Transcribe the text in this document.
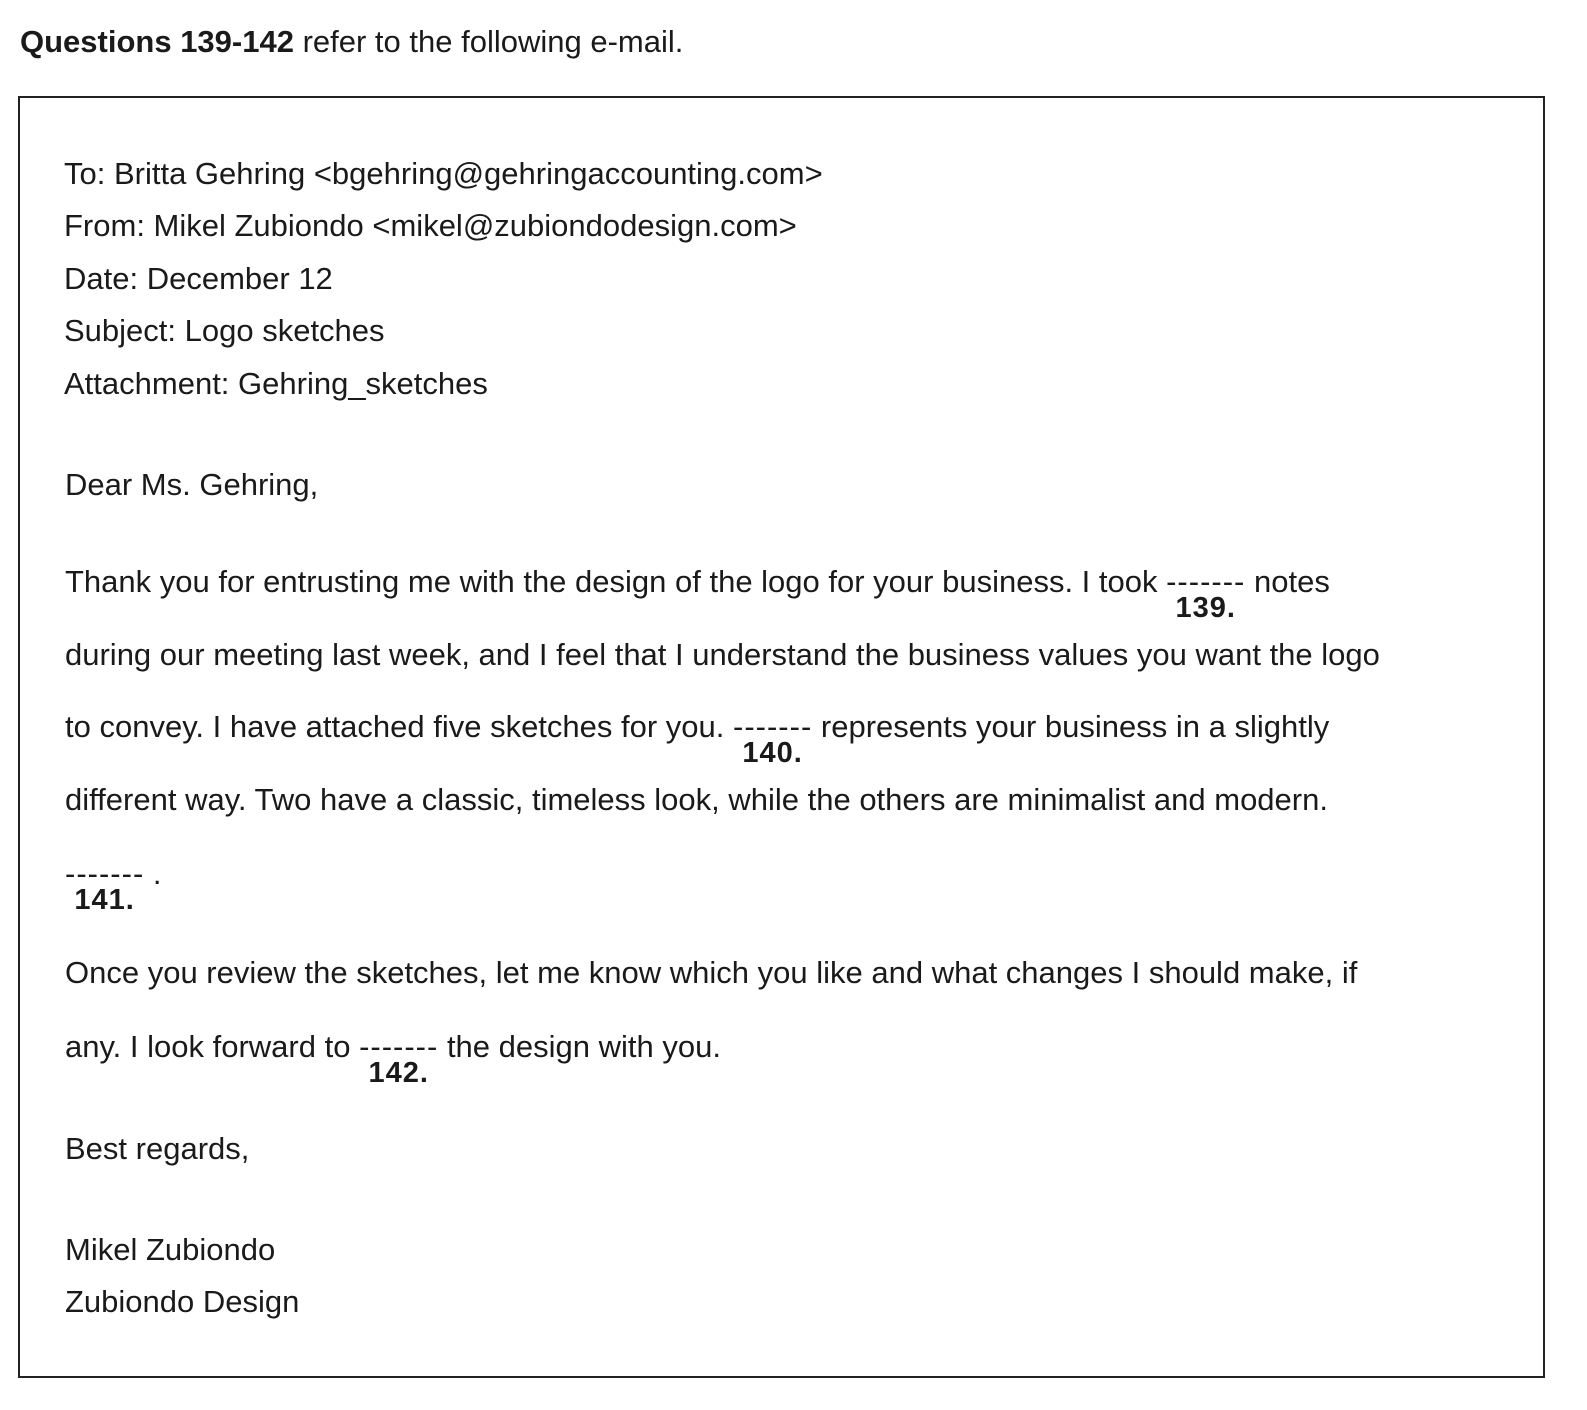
Questions 139-142 refer to the following e-mail.
To: Britta Gehring <bgehring@gehringaccounting.com>
From: Mikel Zubiondo <mikel@zubiondodesign.com>
Date: December 12
Subject: Logo sketches
Attachment: Gehring_sketches
Dear Ms. Gehring,
Thank you for entrusting me with the design of the logo for your business. I took -------
139.
notes
during our meeting last week, and I feel that I understand the business values you want the logo
to convey. I have attached five sketches for you. -------
140.
represents your business in a slightly
different way. Two have a classic, timeless look, while the others are minimalist and modern.
-------
141.
.
Once you review the sketches, let me know which you like and what changes I should make, if
any. I look forward to -------
142.
the design with you.
Best regards,
Mikel Zubiondo
Zubiondo Design
